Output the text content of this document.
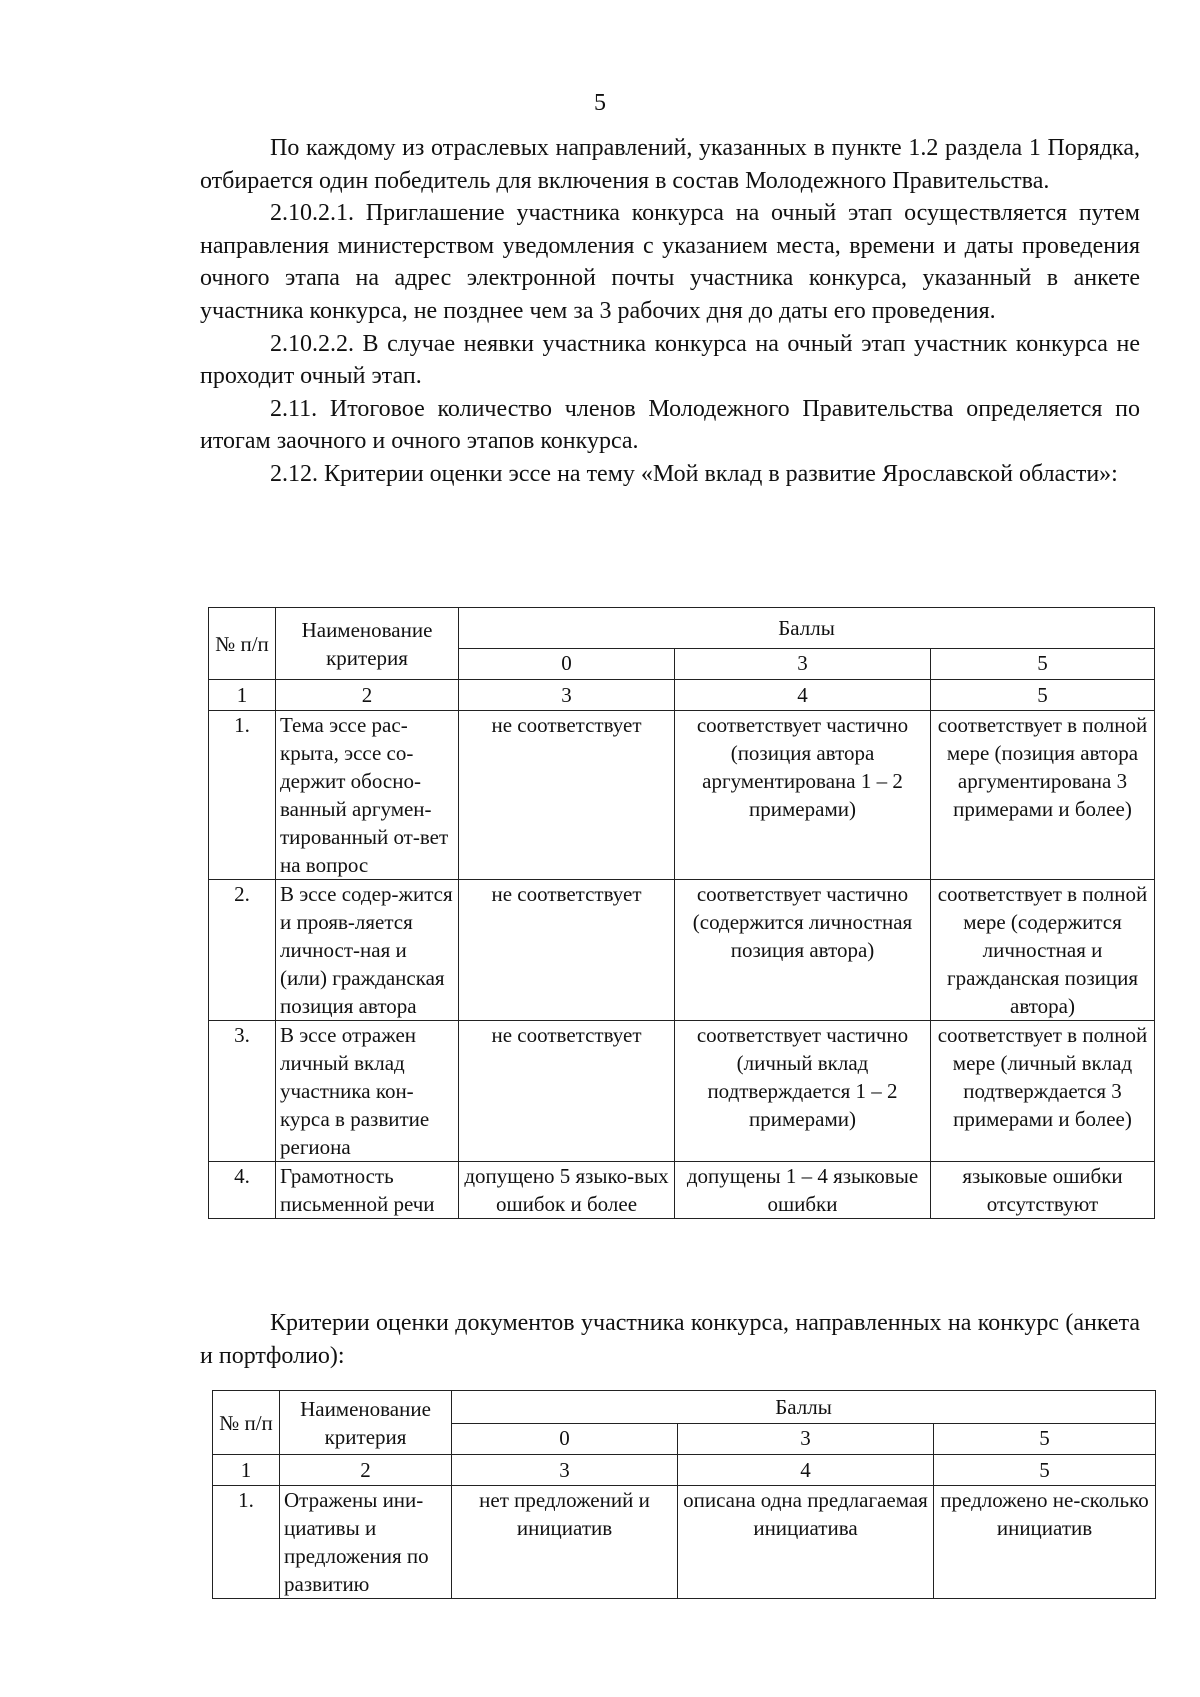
5

По каждому из отраслевых направлений, указанных в пункте 1.2 раздела 1 Порядка, отбирается один победитель для включения в состав Молодежного Правительства.

2.10.2.1. Приглашение участника конкурса на очный этап осуществляется путем направления министерством уведомления с указанием места, времени и даты проведения очного этапа на адрес электронной почты участника конкурса, указанный в анкете участника конкурса, не позднее чем за 3 рабочих дня до даты его проведения.

2.10.2.2. В случае неявки участника конкурса на очный этап участник конкурса не проходит очный этап.

2.11. Итоговое количество членов Молодежного Правительства определяется по итогам заочного и очного этапов конкурса.

2.12. Критерии оценки эссе на тему «Мой вклад в развитие Ярославской области»:

№ п/п	Наименование критерия	Баллы		
		0	3	5
1	2	3	4	5
1.	Тема эссе рас-крыта, эссе со-держит обосно-ванный аргумен-тированный от-вет на вопрос	не соответствует	соответствует частично (позиция автора аргументирована 1 – 2 примерами)	соответствует в полной мере (позиция автора аргументирована 3 примерами и более)
2.	В эссе содер-жится и прояв-ляется личност-ная и (или) гражданская позиция автора	не соответствует	соответствует частично (содержится личностная позиция автора)	соответствует в полной мере (содержится личностная и гражданская позиция автора)
3.	В эссе отражен личный вклад участника кон-курса в развитие региона	не соответствует	соответствует частично (личный вклад подтверждается 1 – 2 примерами)	соответствует в полной мере (личный вклад подтверждается 3 примерами и более)
4.	Грамотность письменной речи	допущено 5 языко-вых ошибок и более	допущены 1 – 4 языковые ошибки	языковые ошибки отсутствуют

Критерии оценки документов участника конкурса, направленных на конкурс (анкета и портфолио):

№ п/п	Наименование критерия	Баллы		
		0	3	5
1	2	3	4	5
1.	Отражены ини-циативы и предложения по развитию	нет предложений и инициатив	описана одна предлагаемая инициатива	предложено не-сколько инициатив
